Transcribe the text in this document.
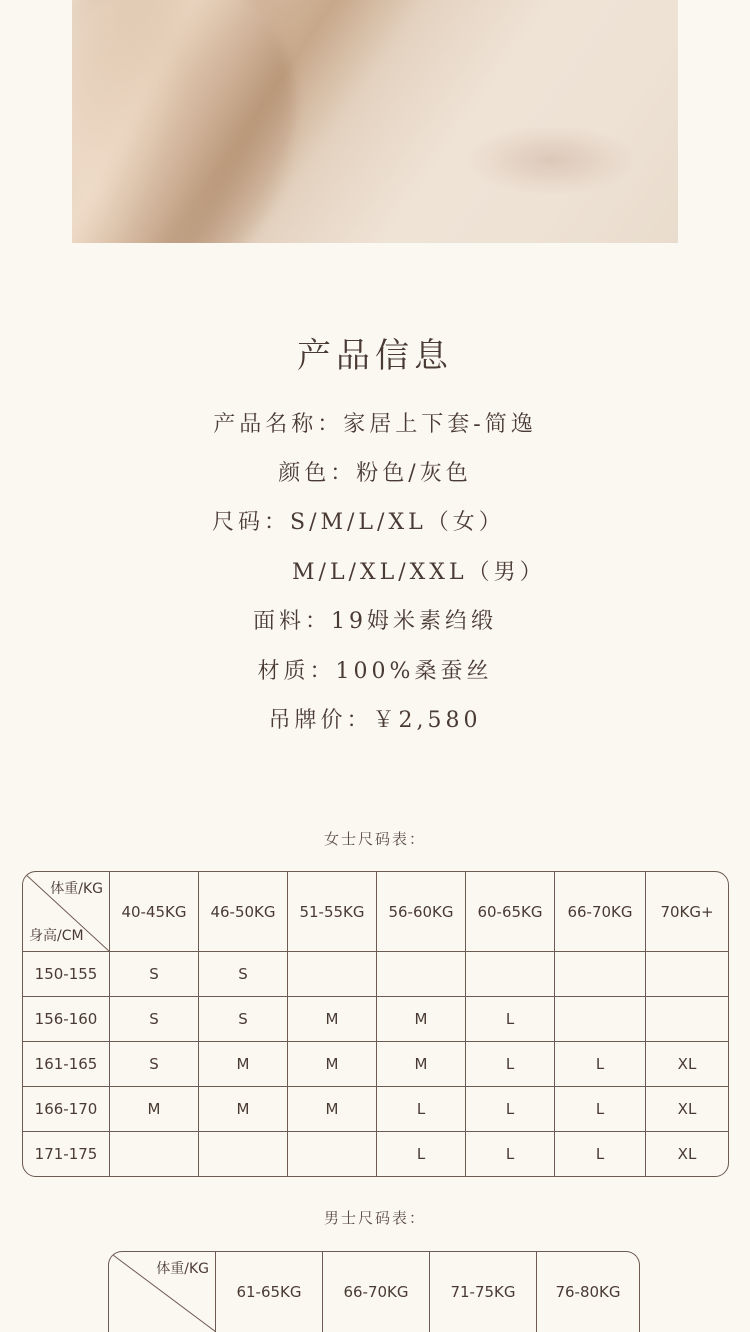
产品信息
产品名称：家居上下套-简逸
颜色：粉色/灰色
尺码：S/M/L/XL（女）
M/L/XL/XXL（男）
面料：19姆米素绉缎
材质：100%桑蚕丝
吊牌价：￥2,580
女士尺码表：
体重/KG
身高/CM	40-45KG	46-50KG	51-55KG	56-60KG	60-65KG	66-70KG	70KG+
150-155	S	S					
156-160	S	S	M	M	L		
161-165	S	M	M	M	L	L	XL
166-170	M	M	M	L	L	L	XL
171-175				L	L	L	XL
男士尺码表：
体重/KG
	61-65KG	66-70KG	71-75KG	76-80KG
